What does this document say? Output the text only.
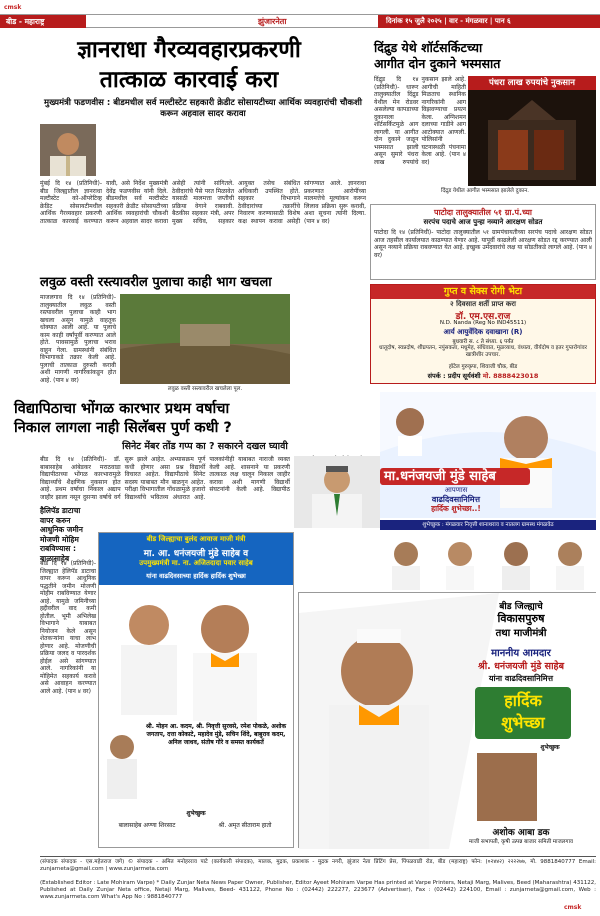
cmsk
बीड - महाराष्ट्र	झुंजारनेता	दिनांक १५ जुलै २०२५ | वार - मंगळवार | पान ६
ज्ञानराधा गैरव्यवहारप्रकरणी
तात्काळ कारवाई करा
मुख्यमंत्री फडणवीस : बीडमधील सर्व मल्टीस्टेट सहकारी क्रेडीट सोसायटीच्या आर्थिक व्यवहारांची चौकशी करून अहवाल सादर करावा
मुंबई दि १४ (प्रतिनिधी)- बीड जिल्ह्यातील ज्ञानराधा मल्टीस्टेट को-ऑपरेटिव्ह क्रेडिट सोसायटीमधील आर्थिक गैरव्यवहार प्रकरणी तात्काळ कारवाई करण्यात यावी, असे निर्देश मुख्यमंत्री देवेंद्र फडणवीस यांनी दिले. बीडमधील सर्व मल्टीस्टेट सहकारी क्रेडीट सोसायटीच्या आर्थिक व्यवहारांची चौकशी करून अहवाल सादर करावा असेही त्यांनी सांगितले. ठेवीदारांचे पैसे परत मिळावेत यासाठी मालमत्ता जप्तीची प्रक्रिया वेगाने राबवावी. बैठकीस सहकार मंत्री, अपर मुख्य सचिव, सहकार आयुक्त तसेच संबंधित अधिकारी उपस्थित होते. सहकार विभागाने ठेवीदारांच्या तक्रारींचे निवारण करण्यासाठी विशेष कक्ष स्थापन करावा असेही सांगण्यात आले. ज्ञानराधा प्रकरणात आरोपींच्या मालमत्तेचे मूल्यांकन करून लिलाव प्रक्रिया सुरू करावी, अशा सूचना त्यांनी दिल्या. (पान ४ वर)
दिंद्रुड येथे शॉर्टसर्किटच्या
आगीत दोन दुकाने भस्मसात
दिंद्रुड दि १४ (प्रतिनिधी)- धारूर तालुक्यातील दिंद्रुड येथील मेन रोडवर असलेल्या कापडाच्या दुकानाला शॉर्टसर्किटमुळे आग लागली. या आगीत दोन दुकाने जळून भस्मसात झाली असून सुमारे पंधरा लाख रुपयांचे नुकसान झाले आहे. आगीची माहिती मिळताच स्थानिक नागरिकांनी आग विझवण्याचा प्रयत्न केला. अग्निशमन दलाच्या गाडीने आग आटोक्यात आणली. पोलिसांनी घटनास्थळी पंचनामा केला आहे. (पान ४ वर)
पंधरा लाख रुपयांचे नुकसान
दिंद्रुड येथील आगीत भस्मसात झालेले दुकान.
लवुळ वस्ती रस्त्यावरील पुलाचा काही भाग खचला
माजलगाव दि १४ (प्रतिनिधी)- तालुक्यातील लवुळ वस्ती रस्त्यावरील पुलाचा काही भाग खचला असून यामुळे वाहतूक धोक्यात आली आहे. या पुलाचे काम काही वर्षांपूर्वी करण्यात आले होते. पावसामुळे पुलाचा भराव वाहून गेला. ग्रामस्थांनी संबंधित विभागाकडे तक्रार केली आहे. पुलाची तात्काळ दुरुस्ती करावी अशी मागणी नागरिकांकडून होत आहे. (पान ४ वर)
लवुळ वस्ती रस्त्यावरील खचलेला पूल.
पाटोदा तालुक्यातील ५१ ग्रा.पं.च्या
सरपंच पदाचे आज पुन्हा नव्याने आरक्षण सोडत
पाटोदा दि १४ (प्रतिनिधी)- पाटोदा तालुक्यातील ५१ ग्रामपंचायतीच्या सरपंच पदाचे आरक्षण सोडत आज तहसील कार्यालयात काढण्यात येणार आहे. यापूर्वी काढलेली आरक्षण सोडत रद्द करण्यात आली असून नव्याने प्रक्रिया राबवण्यात येत आहे. इच्छुक उमेदवारांचे लक्ष या सोडतीकडे लागले आहे. (पान ४ वर)
गुप्त व सेक्स रोगी भेटा
२ दिवसात शर्ती प्राप्त करा
डॉ. एम.एस.राज
N.D. Nanda (Reg No IND45511)
आर्य आयुर्वेदिक दवाखाना (R)
बुधवारी स. ८ ते संध्या. ६ पर्यंत
धातूदोष, स्वप्नदोष, शीघ्रपतन, नपुंसकता, मधुमेह, संधिवात, मूळव्याध, वंध्यत्व, वीर्यदोष व इतर गुप्तरोगांवर खात्रीशीर उपचार.
हॉटेल गुरुकृपा, शिवाजी चौक, बीड
संपर्क : प्रदीप सूर्यवंशी मो. 8888423018
विद्यापिठाचा भोंगळ कारभार प्रथम वर्षाचा
निकाल लागला नाही सिलॅबस पुर्ण कधी ?
सिनेट मेंबर तोंड गप्प का ? सकारने दखल घ्यावी
बीड दि १४ (प्रतिनिधी)- डॉ. बाबासाहेब आंबेडकर मराठवाडा विद्यापीठाच्या भोंगळ कारभारामुळे विद्यार्थ्यांचे शैक्षणिक नुकसान होत आहे. प्रथम वर्षाचा निकाल अद्याप जाहीर झाला नसून दुसऱ्या वर्षाचे वर्ग सुरू झाले आहेत. अभ्यासक्रम पूर्ण कधी होणार असा प्रश्न विद्यार्थी विचारत आहेत. विद्यापीठाचे सिनेट सदस्य याबाबत मौन बाळगून आहेत. परीक्षा विभागातील गोंधळामुळे हजारो विद्यार्थ्यांचे भवितव्य अंधारात आहे. पालकांनीही याबाबत नाराजी व्यक्त केली आहे. शासनाने या प्रकरणी तात्काळ लक्ष घालून निकाल जाहीर करावा अशी मागणी विद्यार्थी संघटनांनी केली आहे. विद्यापीठ
मा.धनंजयजी मुंडे साहेब
आपणास
वाढदिवसानिमित्त
हार्दिक शुभेच्छा..!
शुभेच्छुक : मंगळवार निवृत्ती शानाथराव व नातलग ग्रामस्थ मंगळवेठ
हैलिपॅड डाटाचा वापर करुन आधुनिक जमीन मोजणी मोहिम राबविण्यास : बाळासाहेब
बीड दि १४ (प्रतिनिधी)- जिल्ह्यात हेलिपॅड डाटाचा वापर करून आधुनिक पद्धतीने जमीन मोजणी मोहीम राबविण्यात येणार आहे. यामुळे जमिनीच्या हद्दीवरील वाद कमी होतील. भूमी अभिलेख विभागाने याबाबत नियोजन केले असून शेतकऱ्यांना याचा लाभ होणार आहे. मोजणीची प्रक्रिया जलद व पारदर्शक होईल असे सांगण्यात आले. नागरिकांनी या मोहिमेत सहकार्य करावे असे आवाहन करण्यात आले आहे. (पान ४ वर)
बीड जिल्ह्याचा बुलंद आवाज माजी मंत्री
मा. आ. धनंजयजी मुंडे साहेब व
उपमुख्यमंत्री मा. ना. अजितदादा पवार साहेब
यांना वाढदिवसाच्या हार्दिक हार्दिक शुभेच्छा
श्री. मोहन आ. कदम, श्री. निवृत्ती सुरवसे, रमेश पोकळे, अशोक जगताप, दत्ता कोकाटे, महादेव मुंडे, सचिन शिंदे, बाबुराव कदम, अनिल जाधव, संतोष गोरे व समस्त कार्यकर्ते
शुभेच्छुक
बालासाहेब अण्णा शिरसाट	श्री. अमृत सीताराम हातो
बीड जिल्ह्याचे
विकासपुरुष
तथा माजीमंत्री
माननीय आमदार
श्री. धनंजयजी मुंडे साहेब
यांना वाढदिवसानिमित्त
हार्दिक
शुभेच्छा
शुभेच्छुक
अशोक आबा डक
माजी सभापती, कृषी उत्पन्न बाजार समिती माजलगाव
(संपादक संपादक - एस.महेतराज जगे) © संपादक - अमित मनोहरराव पाटे (कार्यकारी संपादक), मालक, मुद्रक, प्रकाशक - मुद्रक नगरी, झुंजार नेता प्रिंटिंग प्रेस, पिंपळवाडी रोड, बीड (महाराष्ट्र) फोन: (०२४४२) २२२२७७, मो. 9881840777 Email: zunjarneta@gmail.com | www.zunjarmeta.com
(Established Editor : Late Mohiram Varpe) * Daily Zunjar Neta News Paper Owner, Publisher, Editor Ayeet Mohiram Varpe Has printed at Varpe Printers, Netaji Marg, Malives, Beed (Maharashtra) 431122, Published at Daily Zunjar Neta office, Netaji Marg, Malives, Beed- 431122, Phone No : (02442) 222277, 223677 (Advertiser), Fax : (02442) 224100, Email : zunjarneta@gmail.com, Web : www.zunjarmeta.com What's App No : 9881840777
cmsk
